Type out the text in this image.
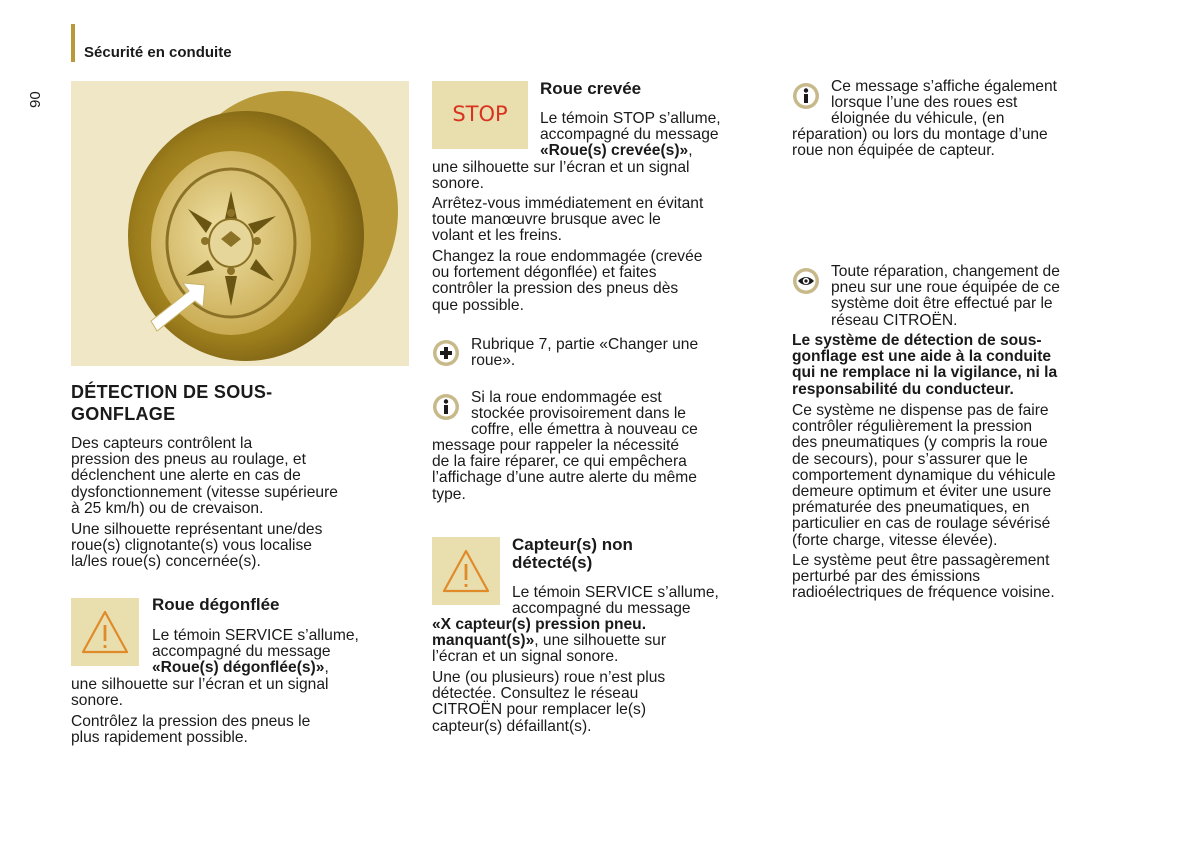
Sécurité en conduite
90
DÉTECTION DE SOUS-
GONFLAGE

Des capteurs contrôlent la

pression des pneus au roulage, et

déclenchent une alerte en cas de

dysfonctionnement (vitesse supérieure

à 25 km/h) ou de crevaison.

Une silhouette représentant une/des

roue(s) clignotante(s) vous localise

la/les roue(s) concernée(s).

Roue dégonflée

Le témoin SERVICE s’allume,

accompagné du message

«Roue(s) dégonflée(s)»,

une silhouette sur l’écran et un signal

sonore.

Contrôlez la pression des pneus le

plus rapidement possible.

STOP
Roue crevée

Le témoin STOP s’allume,

accompagné du message

«Roue(s) crevée(s)»,

une silhouette sur l’écran et un signal

sonore.

Arrêtez-vous immédiatement en évitant

toute manœuvre brusque avec le

volant et les freins.

Changez la roue endommagée (crevée

ou fortement dégonflée) et faites

contrôler la pression des pneus dès

que possible.

Rubrique 7, partie «Changer une

roue».

Si la roue endommagée est

stockée provisoirement dans le

coffre, elle émettra à nouveau ce

message pour rappeler la nécessité

de la faire réparer, ce qui empêchera

l’affichage d’une autre alerte du même

type.

Capteur(s) non
détecté(s)

Le témoin SERVICE s’allume,

accompagné du message

«X capteur(s) pression pneu.

manquant(s)», une silhouette sur

l’écran et un signal sonore.

Une (ou plusieurs) roue n’est plus

détectée. Consultez le réseau

CITROËN pour remplacer le(s)

capteur(s) défaillant(s).

Ce message s’affiche également

lorsque l’une des roues est

éloignée du véhicule, (en

réparation) ou lors du montage d’une

roue non équipée de capteur.

Toute réparation, changement de

pneu sur une roue équipée de ce

système doit être effectué par le

réseau CITROËN.

Le système de détection de sous-

gonflage est une aide à la conduite

qui ne remplace ni la vigilance, ni la

responsabilité du conducteur.

Ce système ne dispense pas de faire

contrôler régulièrement la pression

des pneumatiques (y compris la roue

de secours), pour s’assurer que le

comportement dynamique du véhicule

demeure optimum et éviter une usure

prématurée des pneumatiques, en

particulier en cas de roulage sévérisé

(forte charge, vitesse élevée).

Le système peut être passagèrement

perturbé par des émissions

radioélectriques de fréquence voisine.
